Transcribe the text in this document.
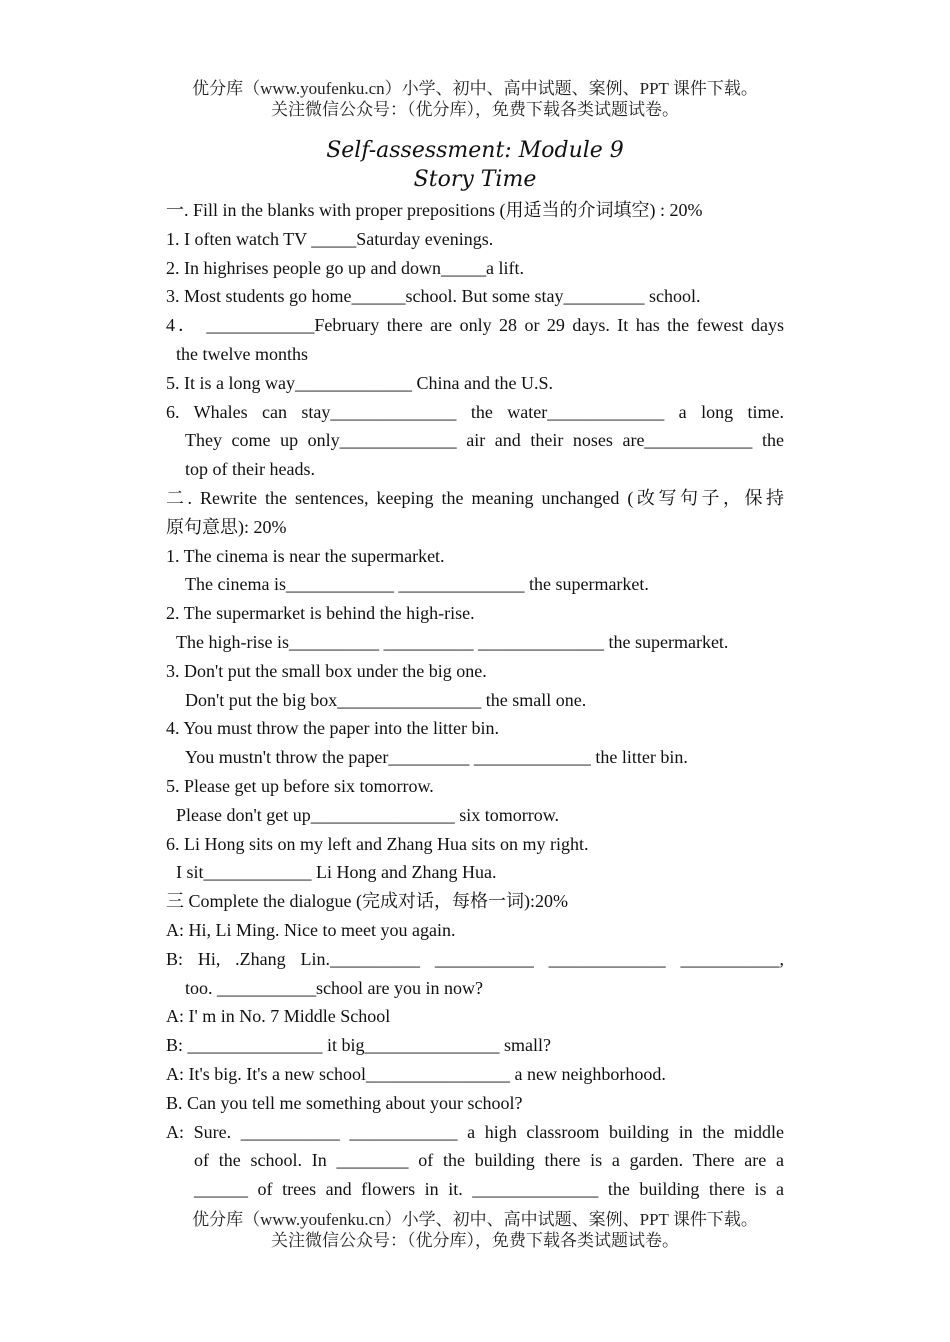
优分库（www.youfenku.cn）小学、初中、高中试题、案例、PPT 课件下载。
关注微信公众号：（优分库），免费下载各类试题试卷。
Self-assessment: Module 9
Story Time
一. Fill in the blanks with proper prepositions (用适当的介词填空) : 20%
1. I often watch TV _____Saturday evenings.
2. In highrises people go up and down_____a lift.
3. Most students go home______school. But some stay_________ school.
4． ____________February there are only 28 or 29 days. It has the fewest days
the twelve months
5. It is a long way_____________ China and the U.S.
6. Whales can stay______________ the water_____________ a long time.
They come up only_____________ air and their noses are____________ the
top of their heads.
二. Rewrite the sentences, keeping the meaning unchanged (改写句子，保持
原句意思): 20%
1. The cinema is near the supermarket.
The cinema is____________ ______________ the supermarket.
2. The supermarket is behind the high-rise.
The high-rise is__________ __________ ______________ the supermarket.
3. Don't put the small box under the big one.
Don't put the big box________________ the small one.
4. You must throw the paper into the litter bin.
You mustn't throw the paper_________ _____________ the litter bin.
5. Please get up before six tomorrow.
Please don't get up________________ six tomorrow.
6. Li Hong sits on my left and Zhang Hua sits on my right.
I sit____________ Li Hong and Zhang Hua.
三 Complete the dialogue (完成对话，每格一词):20%
A: Hi, Li Ming. Nice to meet you again.
B: Hi, .Zhang Lin.__________ ___________ _____________ ___________,
too. ___________school are you in now?
A: I' m in No. 7 Middle School
B: _______________ it big_______________ small?
A: It's big. It's a new school________________ a new neighborhood.
B. Can you tell me something about your school?
A: Sure. ___________ ____________ a high classroom building in the middle
of the school. In ________ of the building there is a garden. There are a
______ of trees and flowers in it. ______________ the building there is a
优分库（www.youfenku.cn）小学、初中、高中试题、案例、PPT 课件下载。
关注微信公众号：（优分库），免费下载各类试题试卷。
